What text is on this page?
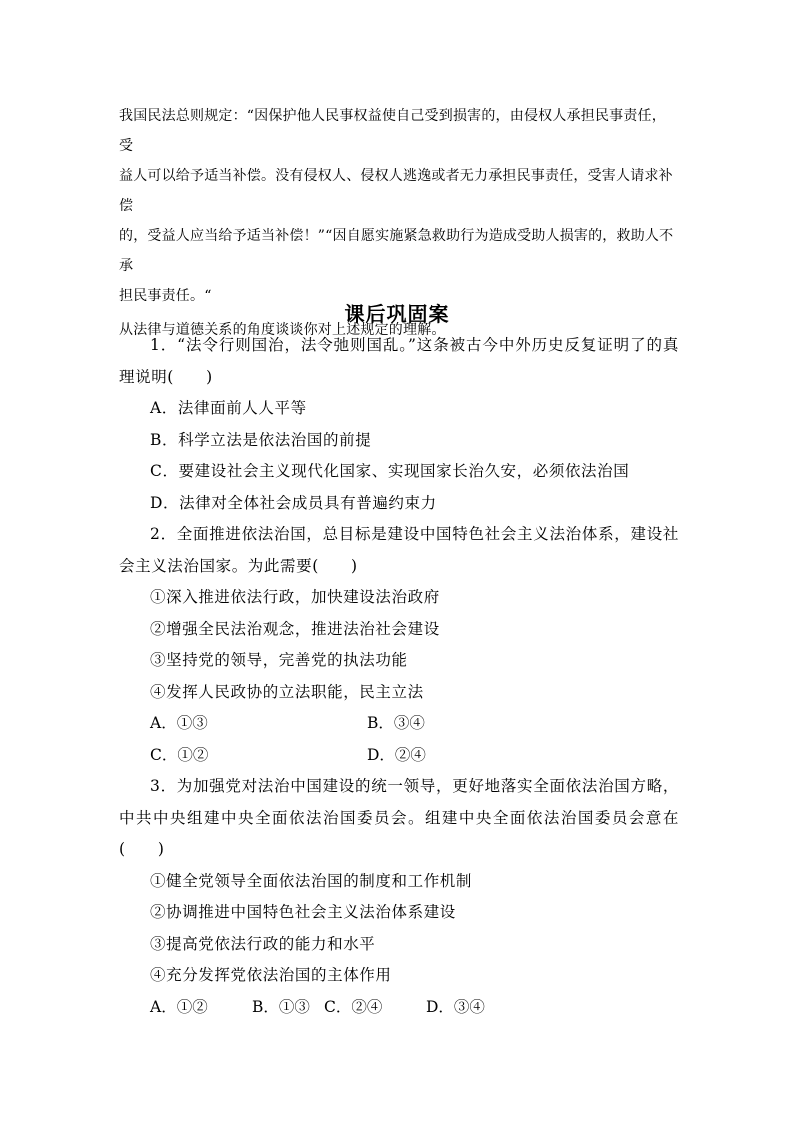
我国民法总则规定：“因保护他人民事权益使自己受到损害的，由侵权人承担民事责任，受

益人可以给予适当补偿。没有侵权人、侵权人逃逸或者无力承担民事责任，受害人请求补偿

的，受益人应当给予适当补偿！”“因自愿实施紧急救助行为造成受助人损害的，救助人不承

担民事责任。“

从法律与道德关系的角度谈谈你对上述规定的理解。

课后巩固案

1．“法令行则国治，法令弛则国乱。”这条被古今中外历史反复证明了的真理说明(　　)

A．法律面前人人平等

B．科学立法是依法治国的前提

C．要建设社会主义现代化国家、实现国家长治久安，必须依法治国

D．法律对全体社会成员具有普遍约束力

2．全面推进依法治国，总目标是建设中国特色社会主义法治体系，建设社会主义法治国家。为此需要(　　)

①深入推进依法行政，加快建设法治政府

②增强全民法治观念，推进法治社会建设

③坚持党的领导，完善党的执法功能

④发挥人民政协的立法职能，民主立法

A．①③	B．③④
C．①②	D．②④

3．为加强党对法治中国建设的统一领导，更好地落实全面依法治国方略，中共中央组建中央全面依法治国委员会。组建中央全面依法治国委员会意在(　　)

①健全党领导全面依法治国的制度和工作机制

②协调推进中国特色社会主义法治体系建设

③提高党依法行政的能力和水平

④充分发挥党依法治国的主体作用

A．①②	B．①③ C．②④	D．③④
